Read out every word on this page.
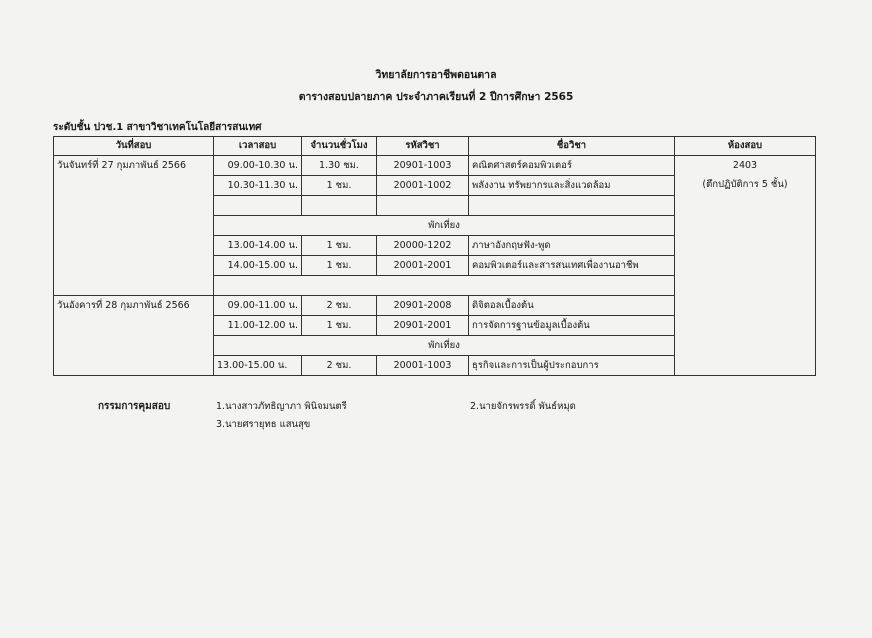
วิทยาลัยการอาชีพดอนตาล
ตารางสอบปลายภาค ประจำภาคเรียนที่ 2 ปีการศึกษา 2565
ระดับชั้น ปวช.1 สาขาวิชาเทคโนโลยีสารสนเทศ
วันที่สอบ	เวลาสอบ	จำนวนชั่วโมง	รหัสวิชา	ชื่อวิชา	ห้องสอบ
วันจันทร์ที่ 27 กุมภาพันธ์ 2566	09.00-10.30 น.	1.30 ชม.	20901-1003	คณิตศาสตร์คอมพิวเตอร์	2403
(ตึกปฏิบัติการ 5 ชั้น)

	10.30-11.30 น.	1 ชม.	20001-1002	พลังงาน ทรัพยากรและสิ่งแวดล้อม	

	พักเที่ยง				
	13.00-14.00 น.	1 ชม.	20000-1202	ภาษาอังกฤษฟัง-พูด	
	14.00-15.00 น.	1 ชม.	20001-2001	คอมพิวเตอร์และสารสนเทศเพื่องานอาชีพ	

วันอังคารที่ 28 กุมภาพันธ์ 2566	09.00-11.00 น.	2 ชม.	20901-2008	ดิจิตอลเบื้องต้น	
	11.00-12.00 น.	1 ชม.	20901-2001	การจัดการฐานข้อมูลเบื้องต้น	
	พักเที่ยง				
	13.00-15.00 น.	2 ชม.	20001-1003	ธุรกิจและการเป็นผู้ประกอบการ	
กรรมการคุมสอบ	1.นางสาวภัทธิญาภา พินิจมนตรี	2.นายจักรพรรดิ์ พันธ์หมุด
3.นายศรายุทธ แสนสุข
